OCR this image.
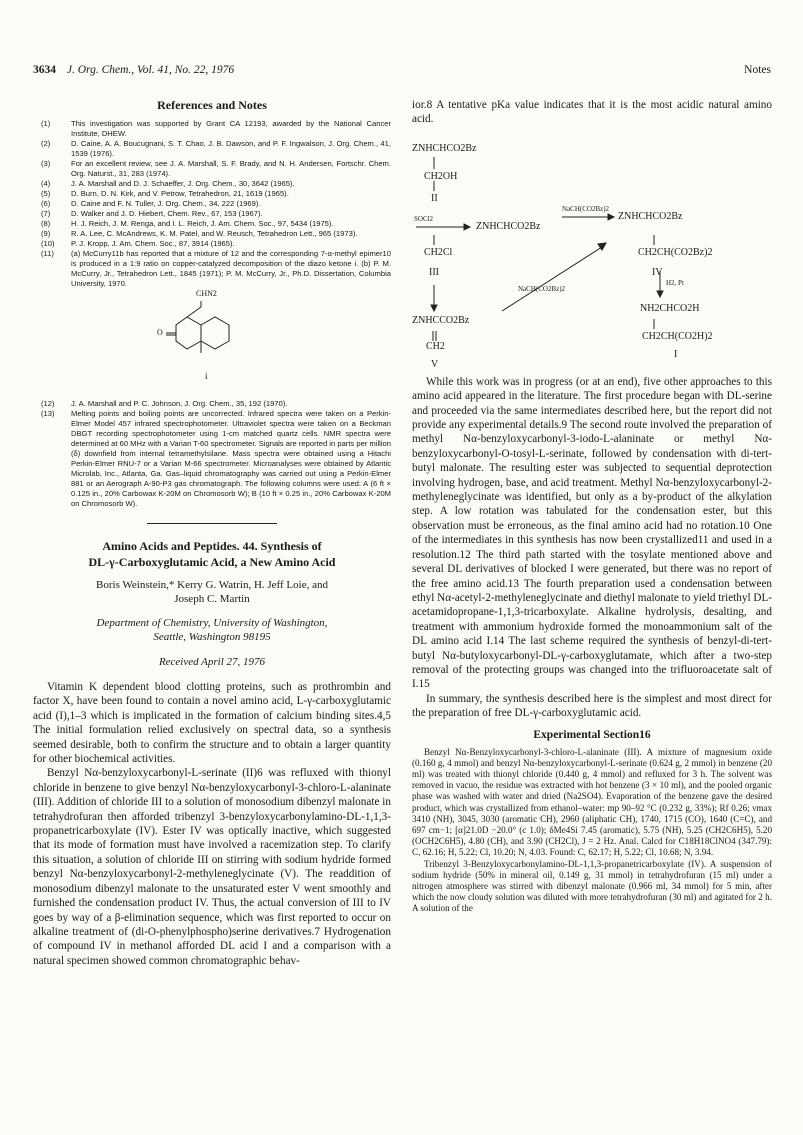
3634 J. Org. Chem., Vol. 41, No. 22, 1976	Notes
References and Notes
(1)	This investigation was supported by Grant CA 12193, awarded by the National Cancer Institute, DHEW.
(2)	D. Caine, A. A. Boucugnani, S. T. Chao, J. B. Dawson, and P. F. Ingwalson, J. Org. Chem., 41, 1539 (1976).
(3)	For an excellent review, see J. A. Marshall, S. F. Brady, and N. H. Andersen, Fortschr. Chem. Org. Naturst., 31, 283 (1974).
(4)	J. A. Marshall and D. J. Schaeffer, J. Org. Chem., 30, 3642 (1965).
(5)	D. Burn, D. N. Kirk, and V. Petrow, Tetrahedron, 21, 1619 (1965).
(6)	D. Caine and F. N. Tuller, J. Org. Chem., 34, 222 (1969).
(7)	D. Walker and J. D. Hiebert, Chem. Rev., 67, 153 (1967).
(8)	H. J. Reich, J. M. Renga, and I. L. Reich, J. Am. Chem. Soc., 97, 5434 (1975).
(9)	R. A. Lee, C. McAndrews, K. M. Patel, and W. Reusch, Tetrahedron Lett., 965 (1973).
(10)	P. J. Kropp, J. Am. Chem. Soc., 87, 3914 (1965).
(11)	(a) McCurry11b has reported that a mixture of 12 and the corresponding 7-α-methyl epimer10 is produced in a 1:9 ratio on copper-catalyzed decomposition of the diazo ketone i. (b) P. M. McCurry, Jr., Tetrahedron Lett., 1845 (1971); P. M. McCurry, Jr., Ph.D. Dissertation, Columbia University, 1970.
CHN2
O
i
(12)	J. A. Marshall and P. C. Johnson, J. Org. Chem., 35, 192 (1970).
(13)	Melting points and boiling points are uncorrected. Infrared spectra were taken on a Perkin-Elmer Model 457 infrared spectrophotometer. Ultraviolet spectra were taken on a Beckman DBGT recording spectrophotometer using 1-cm matched quartz cells. NMR spectra were determined at 60 MHz with a Varian T-60 spectrometer. Signals are reported in parts per million (δ) downfield from internal tetramethylsilane. Mass spectra were obtained using a Hitachi Perkin-Elmer RNU-7 or a Varian M-66 spectrometer. Microanalyses were obtained by Atlantic Microlab, Inc., Atlanta, Ga. Gas–liquid chromatography was carried out using a Perkin-Elmer 881 or an Aerograph A-90-P3 gas chromatograph. The following columns were used: A (6 ft × 0.125 in., 20% Carbowax K-20M on Chromosorb W); B (10 ft × 0.25 in., 20% Carbowax K-20M on Chromosorb W).
Amino Acids and Peptides. 44. Synthesis of
DL-γ-Carboxyglutamic Acid, a New Amino Acid

Boris Weinstein,* Kerry G. Watrin, H. Jeff Loie, and
Joseph C. Martin

Department of Chemistry, University of Washington,
Seattle, Washington 98195

Received April 27, 1976

Vitamin K dependent blood clotting proteins, such as prothrombin and factor X, have been found to contain a novel amino acid, L-γ-carboxyglutamic acid (I),1–3 which is implicated in the formation of calcium binding sites.4,5 The initial formulation relied exclusively on spectral data, so a synthesis seemed desirable, both to confirm the structure and to obtain a larger quantity for other biochemical activities.

Benzyl Nα-benzyloxycarbonyl-L-serinate (II)6 was refluxed with thionyl chloride in benzene to give benzyl Nα-benzyloxycarbonyl-3-chloro-L-alaninate (III). Addition of chloride III to a solution of monosodium dibenzyl malonate in tetrahydrofuran then afforded tribenzyl 3-benzyloxycarbonylamino-DL-1,1,3-propanetricarboxylate (IV). Ester IV was optically inactive, which suggested that its mode of formation must have involved a racemization step. To clarify this situation, a solution of chloride III on stirring with sodium hydride formed benzyl Nα-benzyloxycarbonyl-2-methyleneglycinate (V). The readdition of monosodium dibenzyl malonate to the unsaturated ester V went smoothly and furnished the condensation product IV. Thus, the actual conversion of III to IV goes by way of a β-elimination sequence, which was first reported to occur on alkaline treatment of (di-O-phenylphospho)serine derivatives.7 Hydrogenation of compound IV in methanol afforded DL acid I and a comparison with a natural specimen showed common chromatographic behav-

ior.8 A tentative pKa value indicates that it is the most acidic natural amino acid.

ZNHCHCO2Bz
CH2OH
II
SOCl2
ZNHCHCO2Bz
NaCH(CO2Bz)2
ZNHCHCO2Bz
CH2Cl
III
CH2CH(CO2Bz)2
IV
NaCH(CO2Bz)2
H2, Pt
ZNHCCO2Bz
NH2CHCO2H
CH2
CH2CH(CO2H)2
V
I

While this work was in progress (or at an end), five other approaches to this amino acid appeared in the literature. The first procedure began with DL-serine and proceeded via the same intermediates described here, but the report did not provide any experimental details.9 The second route involved the preparation of methyl Nα-benzyloxycarbonyl-3-iodo-L-alaninate or methyl Nα-benzyloxycarbonyl-O-tosyl-L-serinate, followed by condensation with di-tert-butyl malonate. The resulting ester was subjected to sequential deprotection involving hydrogen, base, and acid treatment. Methyl Nα-benzyloxycarbonyl-2-methyleneglycinate was identified, but only as a by-product of the alkylation step. A low rotation was tabulated for the condensation ester, but this observation must be erroneous, as the final amino acid had no rotation.10 One of the intermediates in this synthesis has now been crystallized11 and used in a resolution.12 The third path started with the tosylate mentioned above and several DL derivatives of blocked I were generated, but there was no report of the free amino acid.13 The fourth preparation used a condensation between ethyl Nα-acetyl-2-methyleneglycinate and diethyl malonate to yield triethyl DL-acetamidopropane-1,1,3-tricarboxylate. Alkaline hydrolysis, desalting, and treatment with ammonium hydroxide formed the monoammonium salt of the DL amino acid I.14 The last scheme required the synthesis of benzyl-di-tert-butyl Nα-butyloxycarbonyl-DL-γ-carboxyglutamate, which after a two-step removal of the protecting groups was changed into the trifluoroacetate salt of I.15

In summary, the synthesis described here is the simplest and most direct for the preparation of free DL-γ-carboxyglutamic acid.

Experimental Section16

Benzyl Nα-Benzyloxycarbonyl-3-chloro-L-alaninate (III). A mixture of magnesium oxide (0.160 g, 4 mmol) and benzyl Nα-benzyloxycarbonyl-L-serinate (0.624 g, 2 mmol) in benzene (20 ml) was treated with thionyl chloride (0.440 g, 4 mmol) and refluxed for 3 h. The solvent was removed in vacuo, the residue was extracted with hot benzene (3 × 10 ml), and the pooled organic phase was washed with water and dried (Na2SO4). Evaporation of the benzene gave the desired product, which was crystallized from ethanol–water: mp 90–92 °C (0.232 g, 33%); Rf 0.26; νmax 3410 (NH), 3045, 3030 (aromatic CH), 2960 (aliphatic CH), 1740, 1715 (CO), 1640 (C=C), and 697 cm−1; [α]21.0D −20.0° (c 1.0); δMe4Si 7.45 (aromatic), 5.75 (NH), 5.25 (CH2C6H5), 5.20 (OCH2C6H5), 4.80 (CH), and 3.90 (CH2Cl), J = 2 Hz. Anal. Calcd for C18H18ClNO4 (347.79): C, 62.16; H, 5.22; Cl, 10.20; N, 4.03. Found: C, 62.17; H, 5.22; Cl, 10.68; N, 3.94.

Tribenzyl 3-Benzyloxycarbonylamino-DL-1,1,3-propanetricarboxylate (IV). A suspension of sodium hydride (50% in mineral oil, 0.149 g, 31 mmol) in tetrahydrofuran (15 ml) under a nitrogen atmosphere was stirred with dibenzyl malonate (0.966 ml, 34 mmol) for 5 min, after which the now cloudy solution was diluted with more tetrahydrofuran (30 ml) and agitated for 2 h. A solution of the
